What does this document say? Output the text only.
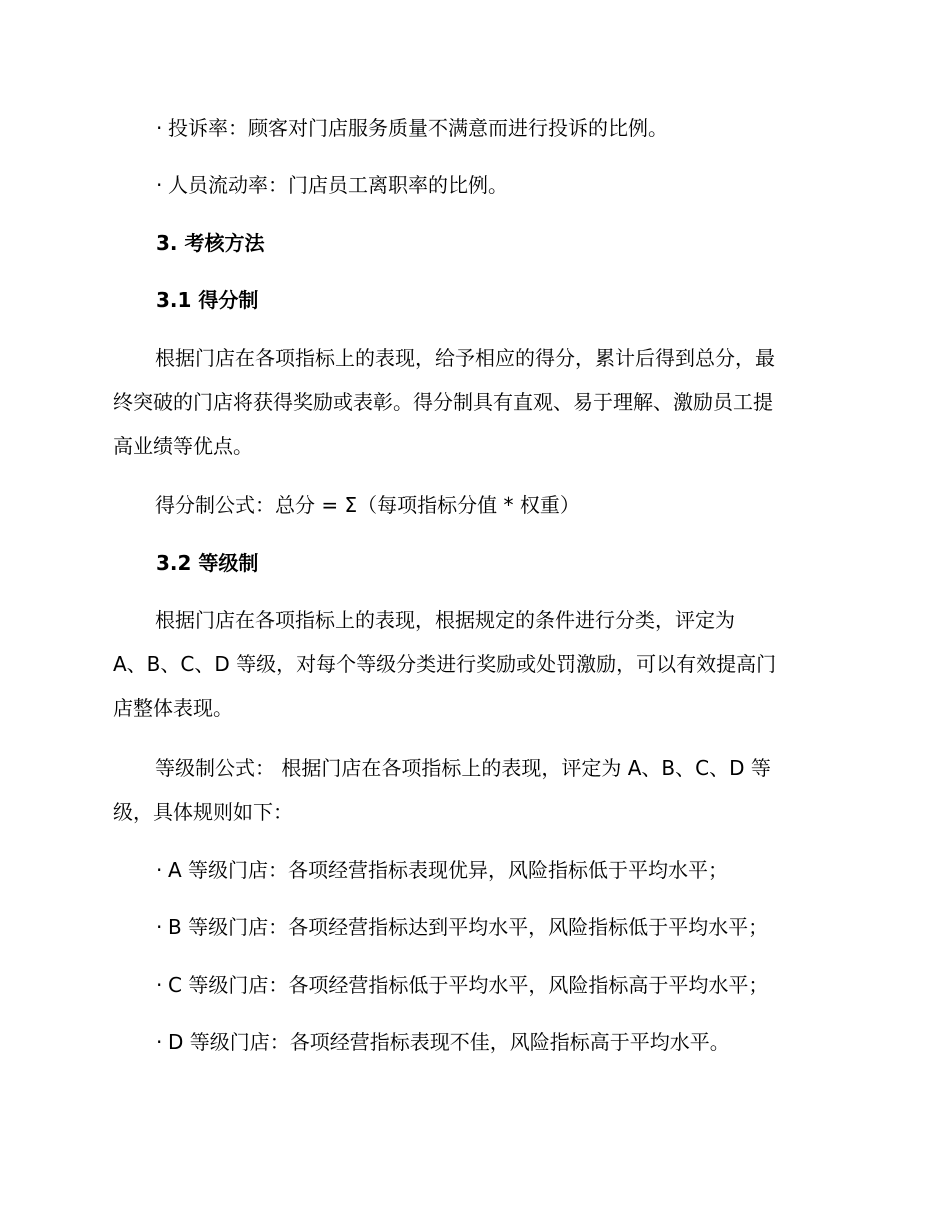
· 投诉率：顾客对门店服务质量不满意而进行投诉的比例。
· 人员流动率：门店员工离职率的比例。
3. 考核方法
3.1 得分制
根据门店在各项指标上的表现，给予相应的得分，累计后得到总分，最
终突破的门店将获得奖励或表彰。得分制具有直观、易于理解、激励员工提
高业绩等优点。
得分制公式：总分 = Σ（每项指标分值 * 权重）
3.2 等级制
根据门店在各项指标上的表现，根据规定的条件进行分类，评定为
A、B、C、D 等级，对每个等级分类进行奖励或处罚激励，可以有效提高门
店整体表现。
等级制公式： 根据门店在各项指标上的表现，评定为 A、B、C、D 等
级，具体规则如下：
· A 等级门店：各项经营指标表现优异，风险指标低于平均水平；
· B 等级门店：各项经营指标达到平均水平，风险指标低于平均水平；
· C 等级门店：各项经营指标低于平均水平，风险指标高于平均水平；
· D 等级门店：各项经营指标表现不佳，风险指标高于平均水平。
